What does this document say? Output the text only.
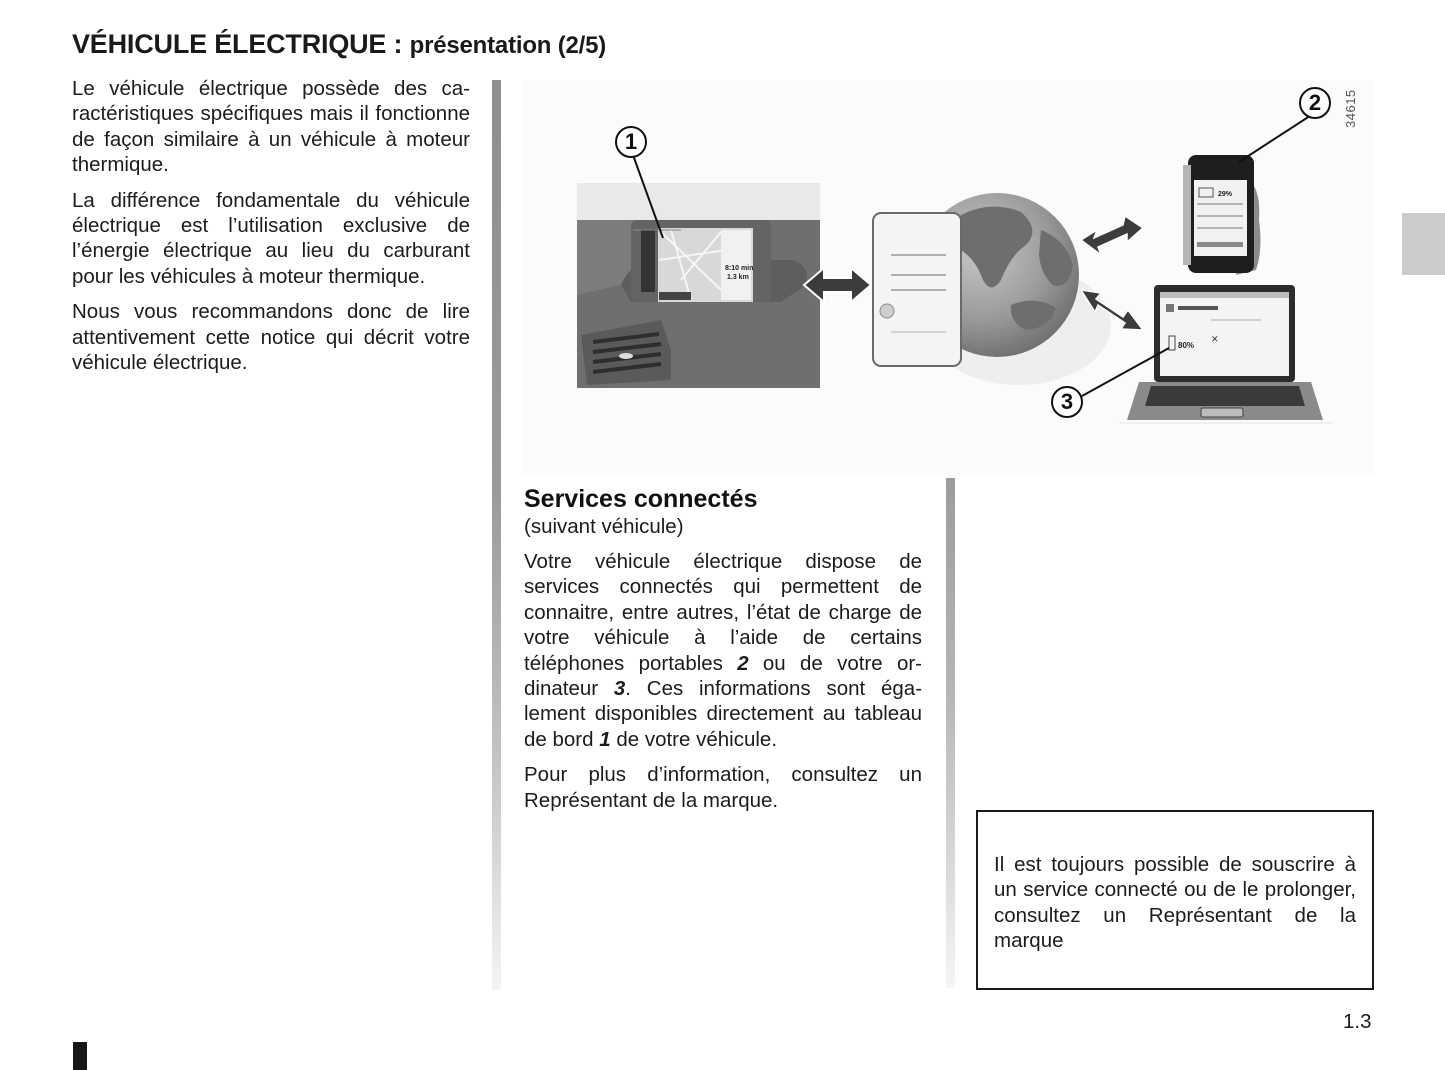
VÉHICULE ÉLECTRIQUE : présentation (2/5)

Le véhicule électrique possède des caractéristiques spécifiques mais il fonctionne de façon similaire à un véhicule à moteur thermique.

La différence fondamentale du véhicule électrique est l’utilisation exclusive de l’énergie électrique au lieu du carburant pour les véhicules à moteur thermique.

Nous vous recommandons donc de lire attentivement cette notice qui décrit votre véhicule électrique.

8:10 min
1.3 km
29%
80%
✕
1
2
3
34615
Services connectés
(suivant véhicule)

Votre véhicule électrique dispose de services connectés qui permettent de connaitre, entre autres, l’état de charge de votre véhicule à l’aide de certains téléphones portables 2 ou de votre ordinateur 3. Ces informations sont également disponibles directement au tableau de bord 1 de votre véhicule.

Pour plus d’information, consultez un Représentant de la marque.

Il est toujours possible de souscrire à un service connecté ou de le prolonger, consultez un Représentant de la marque
1.3
